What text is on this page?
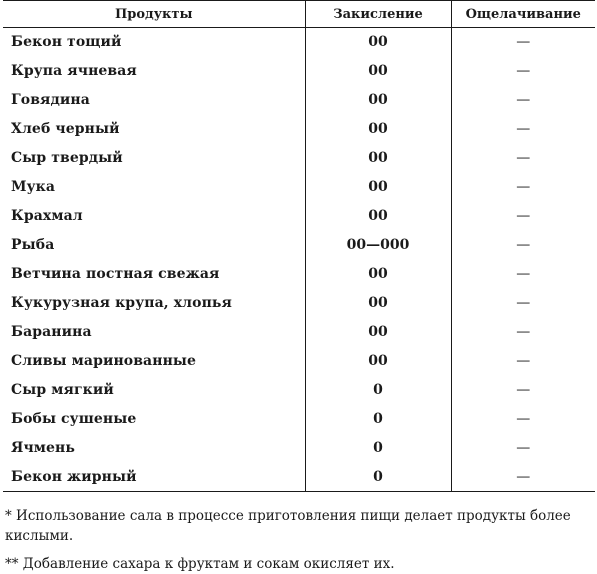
Продукты	Закисление	Ощелачивание
Бекон тощий	00	—
Крупа ячневая	00	—
Говядина	00	—
Хлеб черный	00	—
Сыр твердый	00	—
Мука	00	—
Крахмал	00	—
Рыба	00—000	—
Ветчина постная свежая	00	—
Кукурузная крупа, хлопья	00	—
Баранина	00	—
Сливы маринованные	00	—
Сыр мягкий	0	—
Бобы сушеные	0	—
Ячмень	0	—
Бекон жирный	0	—

* Использование сала в процессе приготовления пищи делает продукты более кислыми.

** Добавление сахара к фруктам и сокам окисляет их.
